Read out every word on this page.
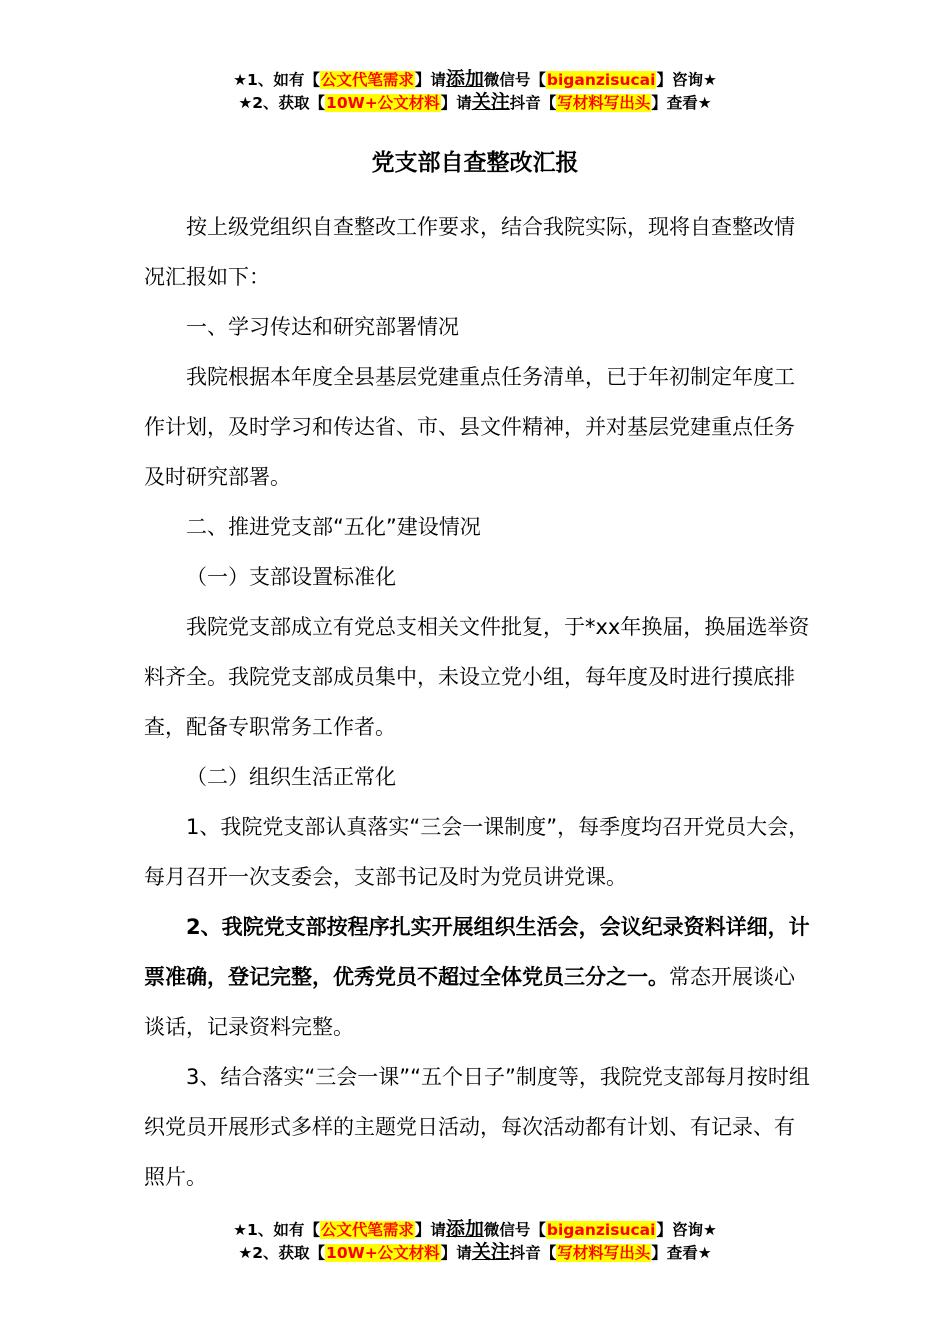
★1、如有【公文代笔需求】请添加微信号【biganzisucai】咨询★
★2、获取【10W+公文材料】请关注抖音【写材料写出头】查看★
党支部自查整改汇报

按上级党组织自查整改工作要求，结合我院实际，现将自查整改情况汇报如下：

一、学习传达和研究部署情况

我院根据本年度全县基层党建重点任务清单，已于年初制定年度工作计划，及时学习和传达省、市、县文件精神，并对基层党建重点任务及时研究部署。

二、推进党支部“五化”建设情况

（一）支部设置标准化

我院党支部成立有党总支相关文件批复，于*xx年换届，换届选举资料齐全。我院党支部成员集中，未设立党小组，每年度及时进行摸底排查，配备专职常务工作者。

（二）组织生活正常化

1、我院党支部认真落实“三会一课制度”，每季度均召开党员大会，每月召开一次支委会，支部书记及时为党员讲党课。

2、我院党支部按程序扎实开展组织生活会，会议纪录资料详细，计票准确，登记完整，优秀党员不超过全体党员三分之一。常态开展谈心谈话，记录资料完整。

3、结合落实“三会一课”“五个日子”制度等，我院党支部每月按时组织党员开展形式多样的主题党日活动，每次活动都有计划、有记录、有照片。

★1、如有【公文代笔需求】请添加微信号【biganzisucai】咨询★
★2、获取【10W+公文材料】请关注抖音【写材料写出头】查看★
